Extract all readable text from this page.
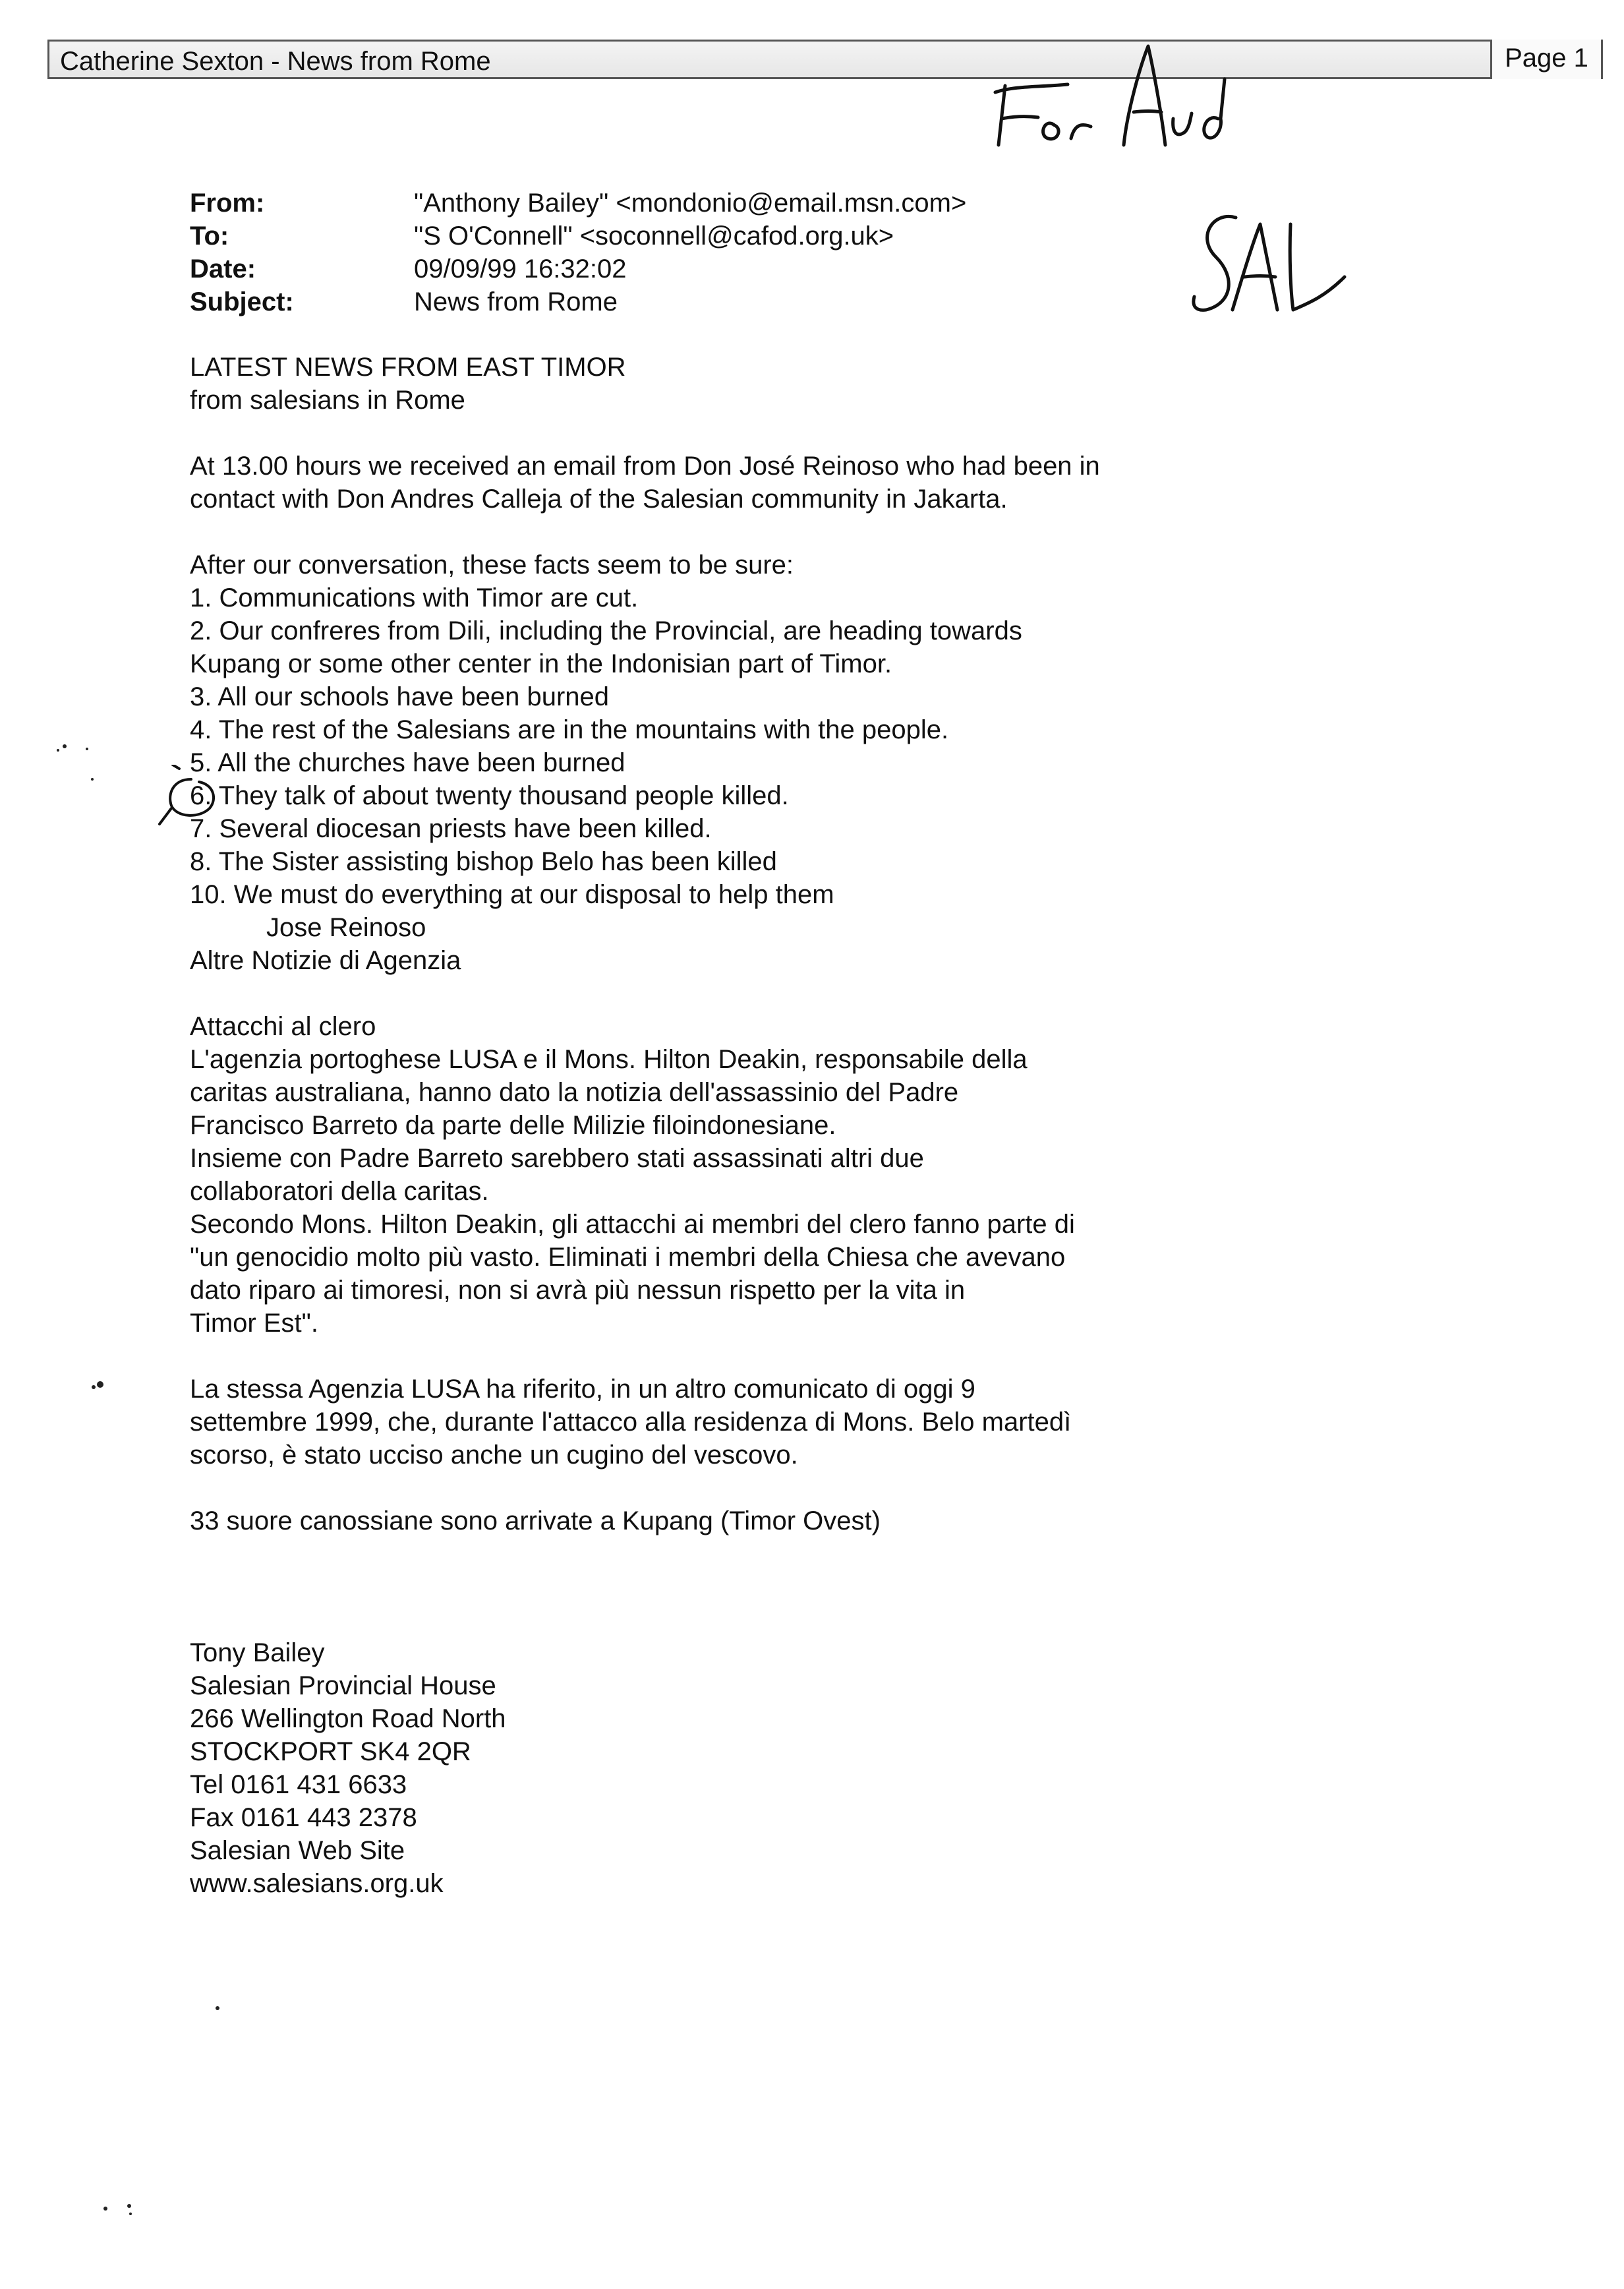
Catherine Sexton - News from Rome	Page 1
From:	"Anthony Bailey" <mondonio@email.msn.com>
To:	"S O'Connell" <soconnell@cafod.org.uk>
Date:	09/09/99 16:32:02
Subject:	News from Rome
LATEST NEWS FROM EAST TIMOR
from salesians in Rome
At 13.00 hours we received an email from Don José Reinoso who had been in
contact with Don Andres Calleja of the Salesian community in Jakarta.
After our conversation, these facts seem to be sure:
1. Communications with Timor are cut.
2. Our confreres from Dili, including the Provincial, are heading towards
Kupang or some other center in the Indonisian part of Timor.
3. All our schools have been burned
4. The rest of the Salesians are in the mountains with the people.
5. All the churches have been burned
6. They talk of about twenty thousand people killed.
7. Several diocesan priests have been killed.
8. The Sister assisting bishop Belo has been killed
10. We must do everything at our disposal to help them
Jose Reinoso
Altre Notizie di Agenzia
Attacchi al clero
L'agenzia portoghese LUSA e il Mons. Hilton Deakin, responsabile della
caritas australiana, hanno dato la notizia dell'assassinio del Padre
Francisco Barreto da parte delle Milizie filoindonesiane.
Insieme con Padre Barreto sarebbero stati assassinati altri due
collaboratori della caritas.
Secondo Mons. Hilton Deakin, gli attacchi ai membri del clero fanno parte di
"un genocidio molto più vasto. Eliminati i membri della Chiesa che avevano
dato riparo ai timoresi, non si avrà più nessun rispetto per la vita in
Timor Est".
La stessa Agenzia LUSA ha riferito, in un altro comunicato di oggi 9
settembre 1999, che, durante l'attacco alla residenza di Mons. Belo martedì
scorso, è stato ucciso anche un cugino del vescovo.
33 suore canossiane sono arrivate a Kupang (Timor Ovest)
Tony Bailey
Salesian Provincial House
266 Wellington Road North
STOCKPORT SK4 2QR
Tel 0161 431 6633
Fax 0161 443 2378
Salesian Web Site
www.salesians.org.uk
